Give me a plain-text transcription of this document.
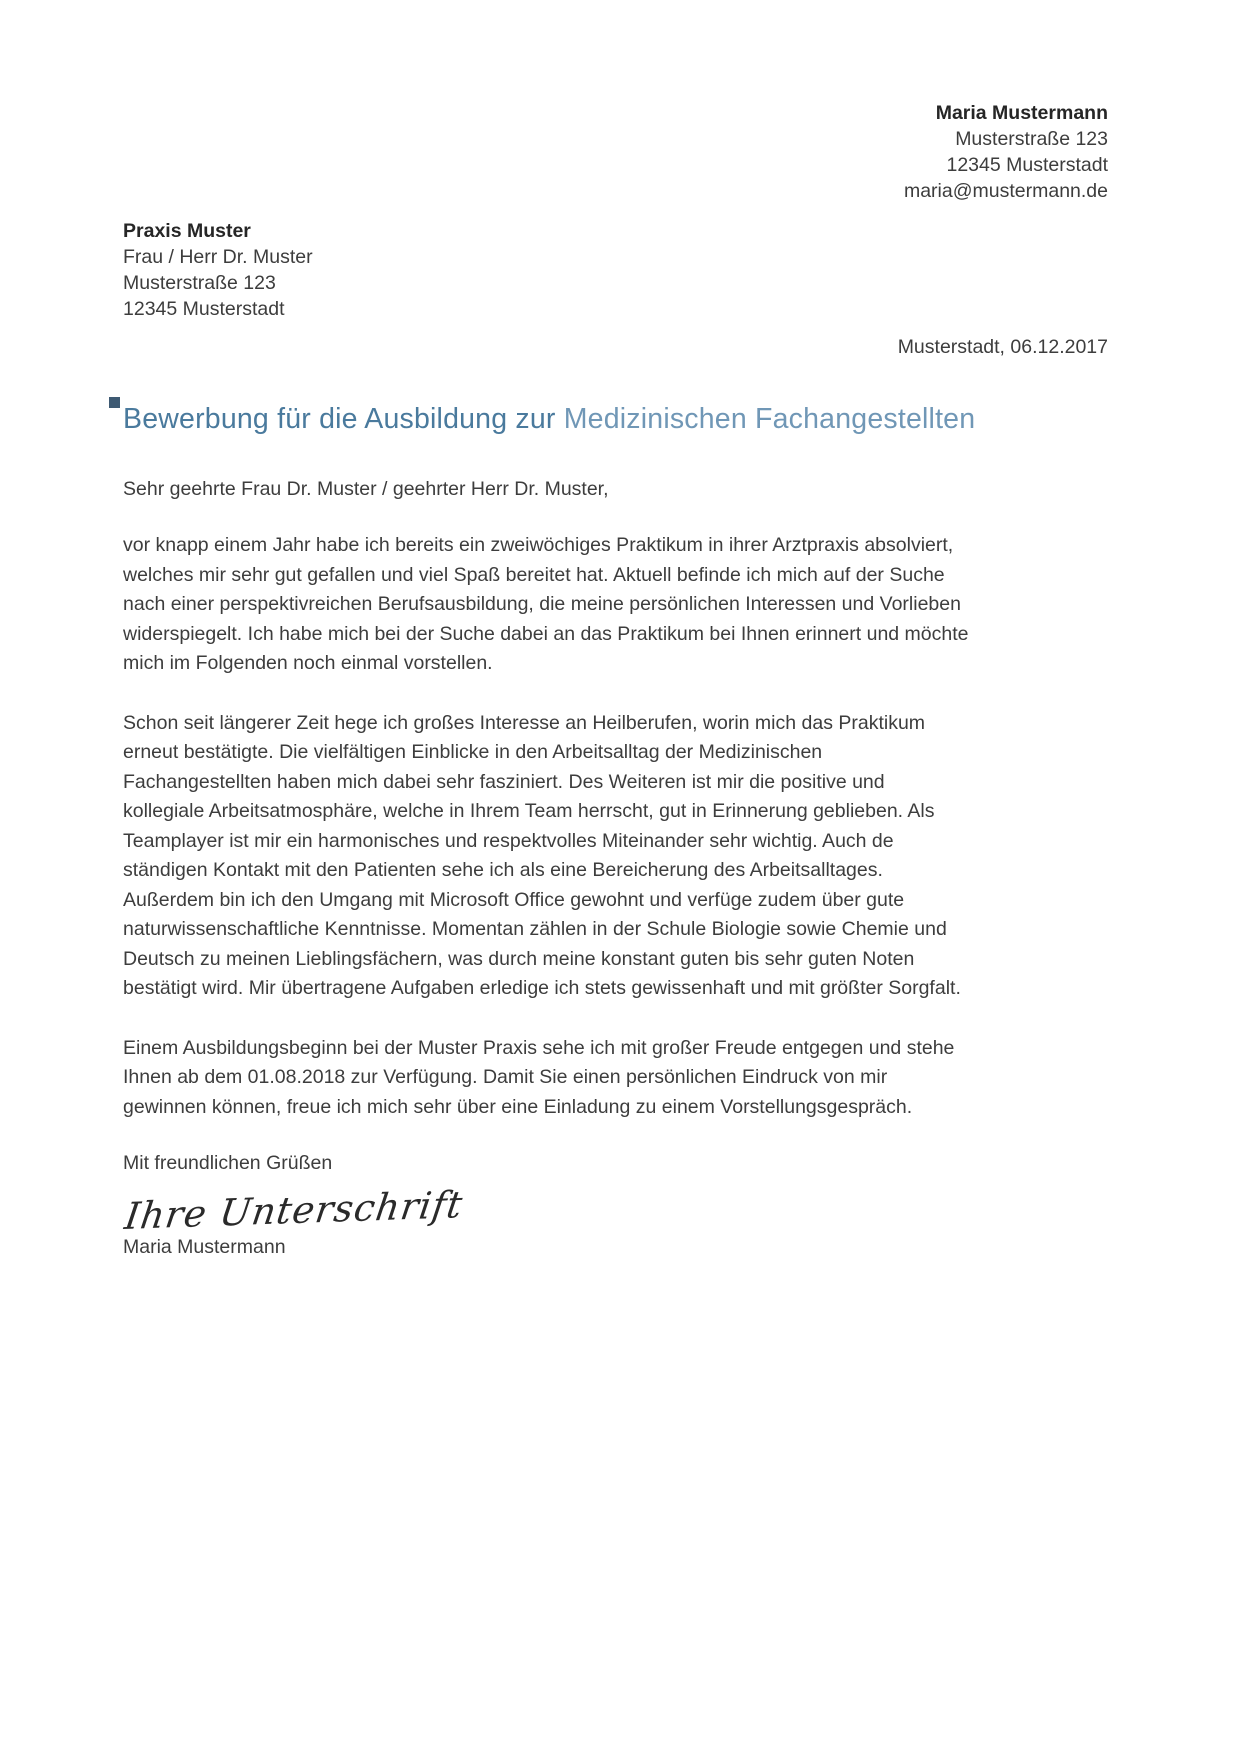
Maria Mustermann
Musterstraße 123
12345 Musterstadt
maria@mustermann.de
Praxis Muster
Frau / Herr Dr. Muster
Musterstraße 123
12345 Musterstadt
Musterstadt, 06.12.2017
Bewerbung für die Ausbildung zur Medizinischen Fachangestellten
Sehr geehrte Frau Dr. Muster / geehrter Herr Dr. Muster,

vor knapp einem Jahr habe ich bereits ein zweiwöchiges Praktikum in ihrer Arztpraxis absolviert, welches mir sehr gut gefallen und viel Spaß bereitet hat. Aktuell befinde ich mich auf der Suche nach einer perspektivreichen Berufsausbildung, die meine persönlichen Interessen und Vorlieben widerspiegelt. Ich habe mich bei der Suche dabei an das Praktikum bei Ihnen erinnert und möchte mich im Folgenden noch einmal vorstellen.

Schon seit längerer Zeit hege ich großes Interesse an Heilberufen, worin mich das Praktikum erneut bestätigte. Die vielfältigen Einblicke in den Arbeitsalltag der Medizinischen Fachangestellten haben mich dabei sehr fasziniert. Des Weiteren ist mir die positive und kollegiale Arbeitsatmosphäre, welche in Ihrem Team herrscht, gut in Erinnerung geblieben. Als Teamplayer ist mir ein harmonisches und respektvolles Miteinander sehr wichtig. Auch de ständigen Kontakt mit den Patienten sehe ich als eine Bereicherung des Arbeitsalltages. Außerdem bin ich den Umgang mit Microsoft Office gewohnt und verfüge zudem über gute naturwissenschaftliche Kenntnisse. Momentan zählen in der Schule Biologie sowie Chemie und Deutsch zu meinen Lieblingsfächern, was durch meine konstant guten bis sehr guten Noten bestätigt wird. Mir übertragene Aufgaben erledige ich stets gewissenhaft und mit größter Sorgfalt.

Einem Ausbildungsbeginn bei der Muster Praxis sehe ich mit großer Freude entgegen und stehe Ihnen ab dem 01.08.2018 zur Verfügung. Damit Sie einen persönlichen Eindruck von mir gewinnen können, freue ich mich sehr über eine Einladung zu einem Vorstellungsgespräch.

Mit freundlichen Grüßen
Ihre Unterschrift
Maria Mustermann
